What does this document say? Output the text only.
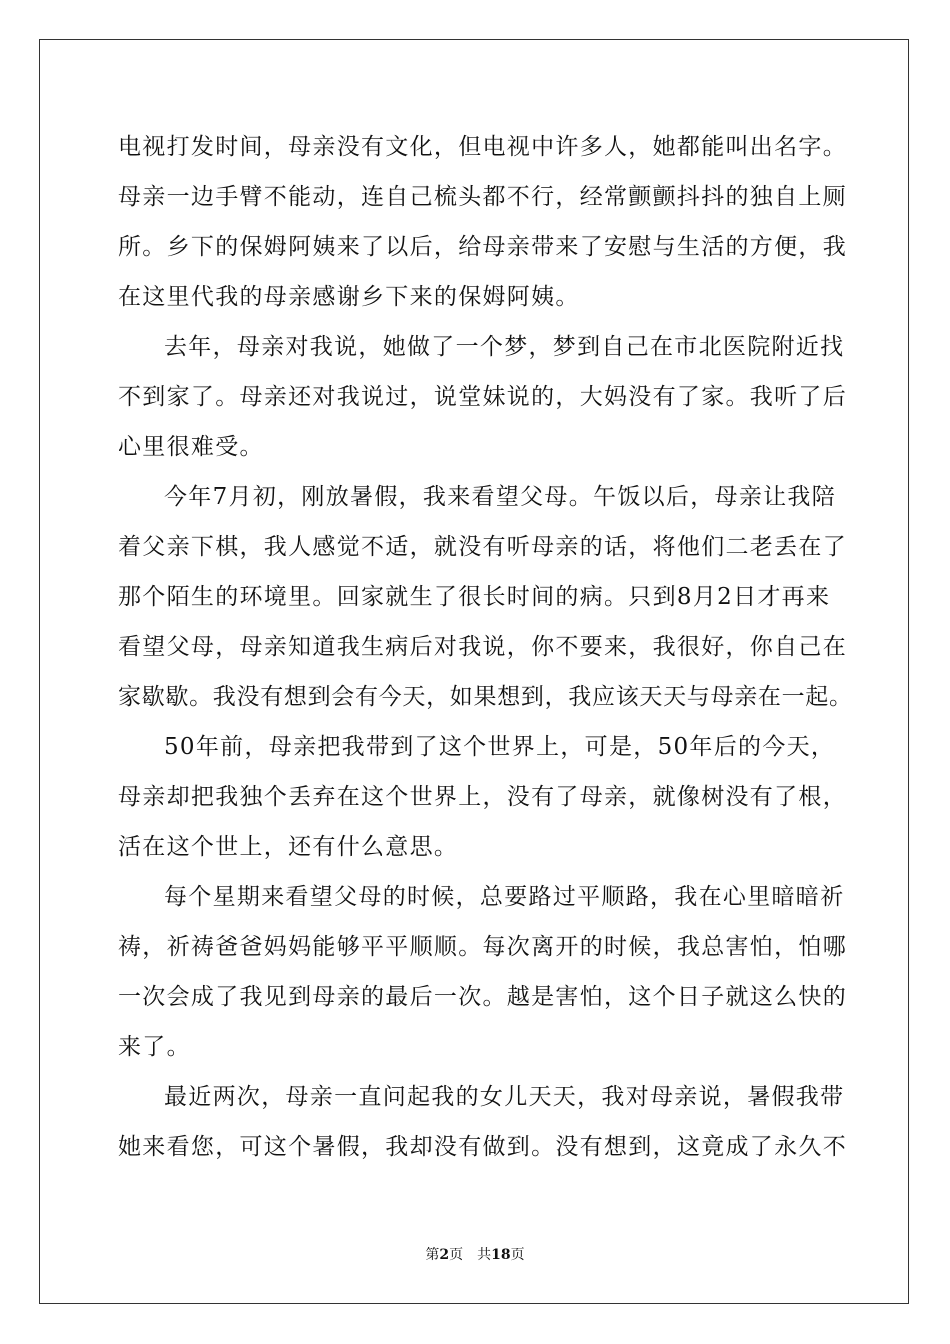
电视打发时间，母亲没有文化，但电视中许多人，她都能叫出名字。
母亲一边手臂不能动，连自己梳头都不行，经常颤颤抖抖的独自上厕
所。乡下的保姆阿姨来了以后，给母亲带来了安慰与生活的方便，我
在这里代我的母亲感谢乡下来的保姆阿姨。
去年，母亲对我说，她做了一个梦，梦到自己在市北医院附近找
不到家了。母亲还对我说过，说堂妹说的，大妈没有了家。我听了后
心里很难受。
今年7月初，刚放暑假，我来看望父母。午饭以后，母亲让我陪
着父亲下棋，我人感觉不适，就没有听母亲的话，将他们二老丢在了
那个陌生的环境里。回家就生了很长时间的病。只到8月2日才再来
看望父母，母亲知道我生病后对我说，你不要来，我很好，你自己在
家歇歇。我没有想到会有今天，如果想到，我应该天天与母亲在一起。
50年前，母亲把我带到了这个世界上，可是，50年后的今天，
母亲却把我独个丢弃在这个世界上，没有了母亲，就像树没有了根，
活在这个世上，还有什么意思。
每个星期来看望父母的时候，总要路过平顺路，我在心里暗暗祈
祷，祈祷爸爸妈妈能够平平顺顺。每次离开的时候，我总害怕，怕哪
一次会成了我见到母亲的最后一次。越是害怕，这个日子就这么快的
来了。
最近两次，母亲一直问起我的女儿天天，我对母亲说，暑假我带
她来看您，可这个暑假，我却没有做到。没有想到，这竟成了永久不
第2页 共18页
